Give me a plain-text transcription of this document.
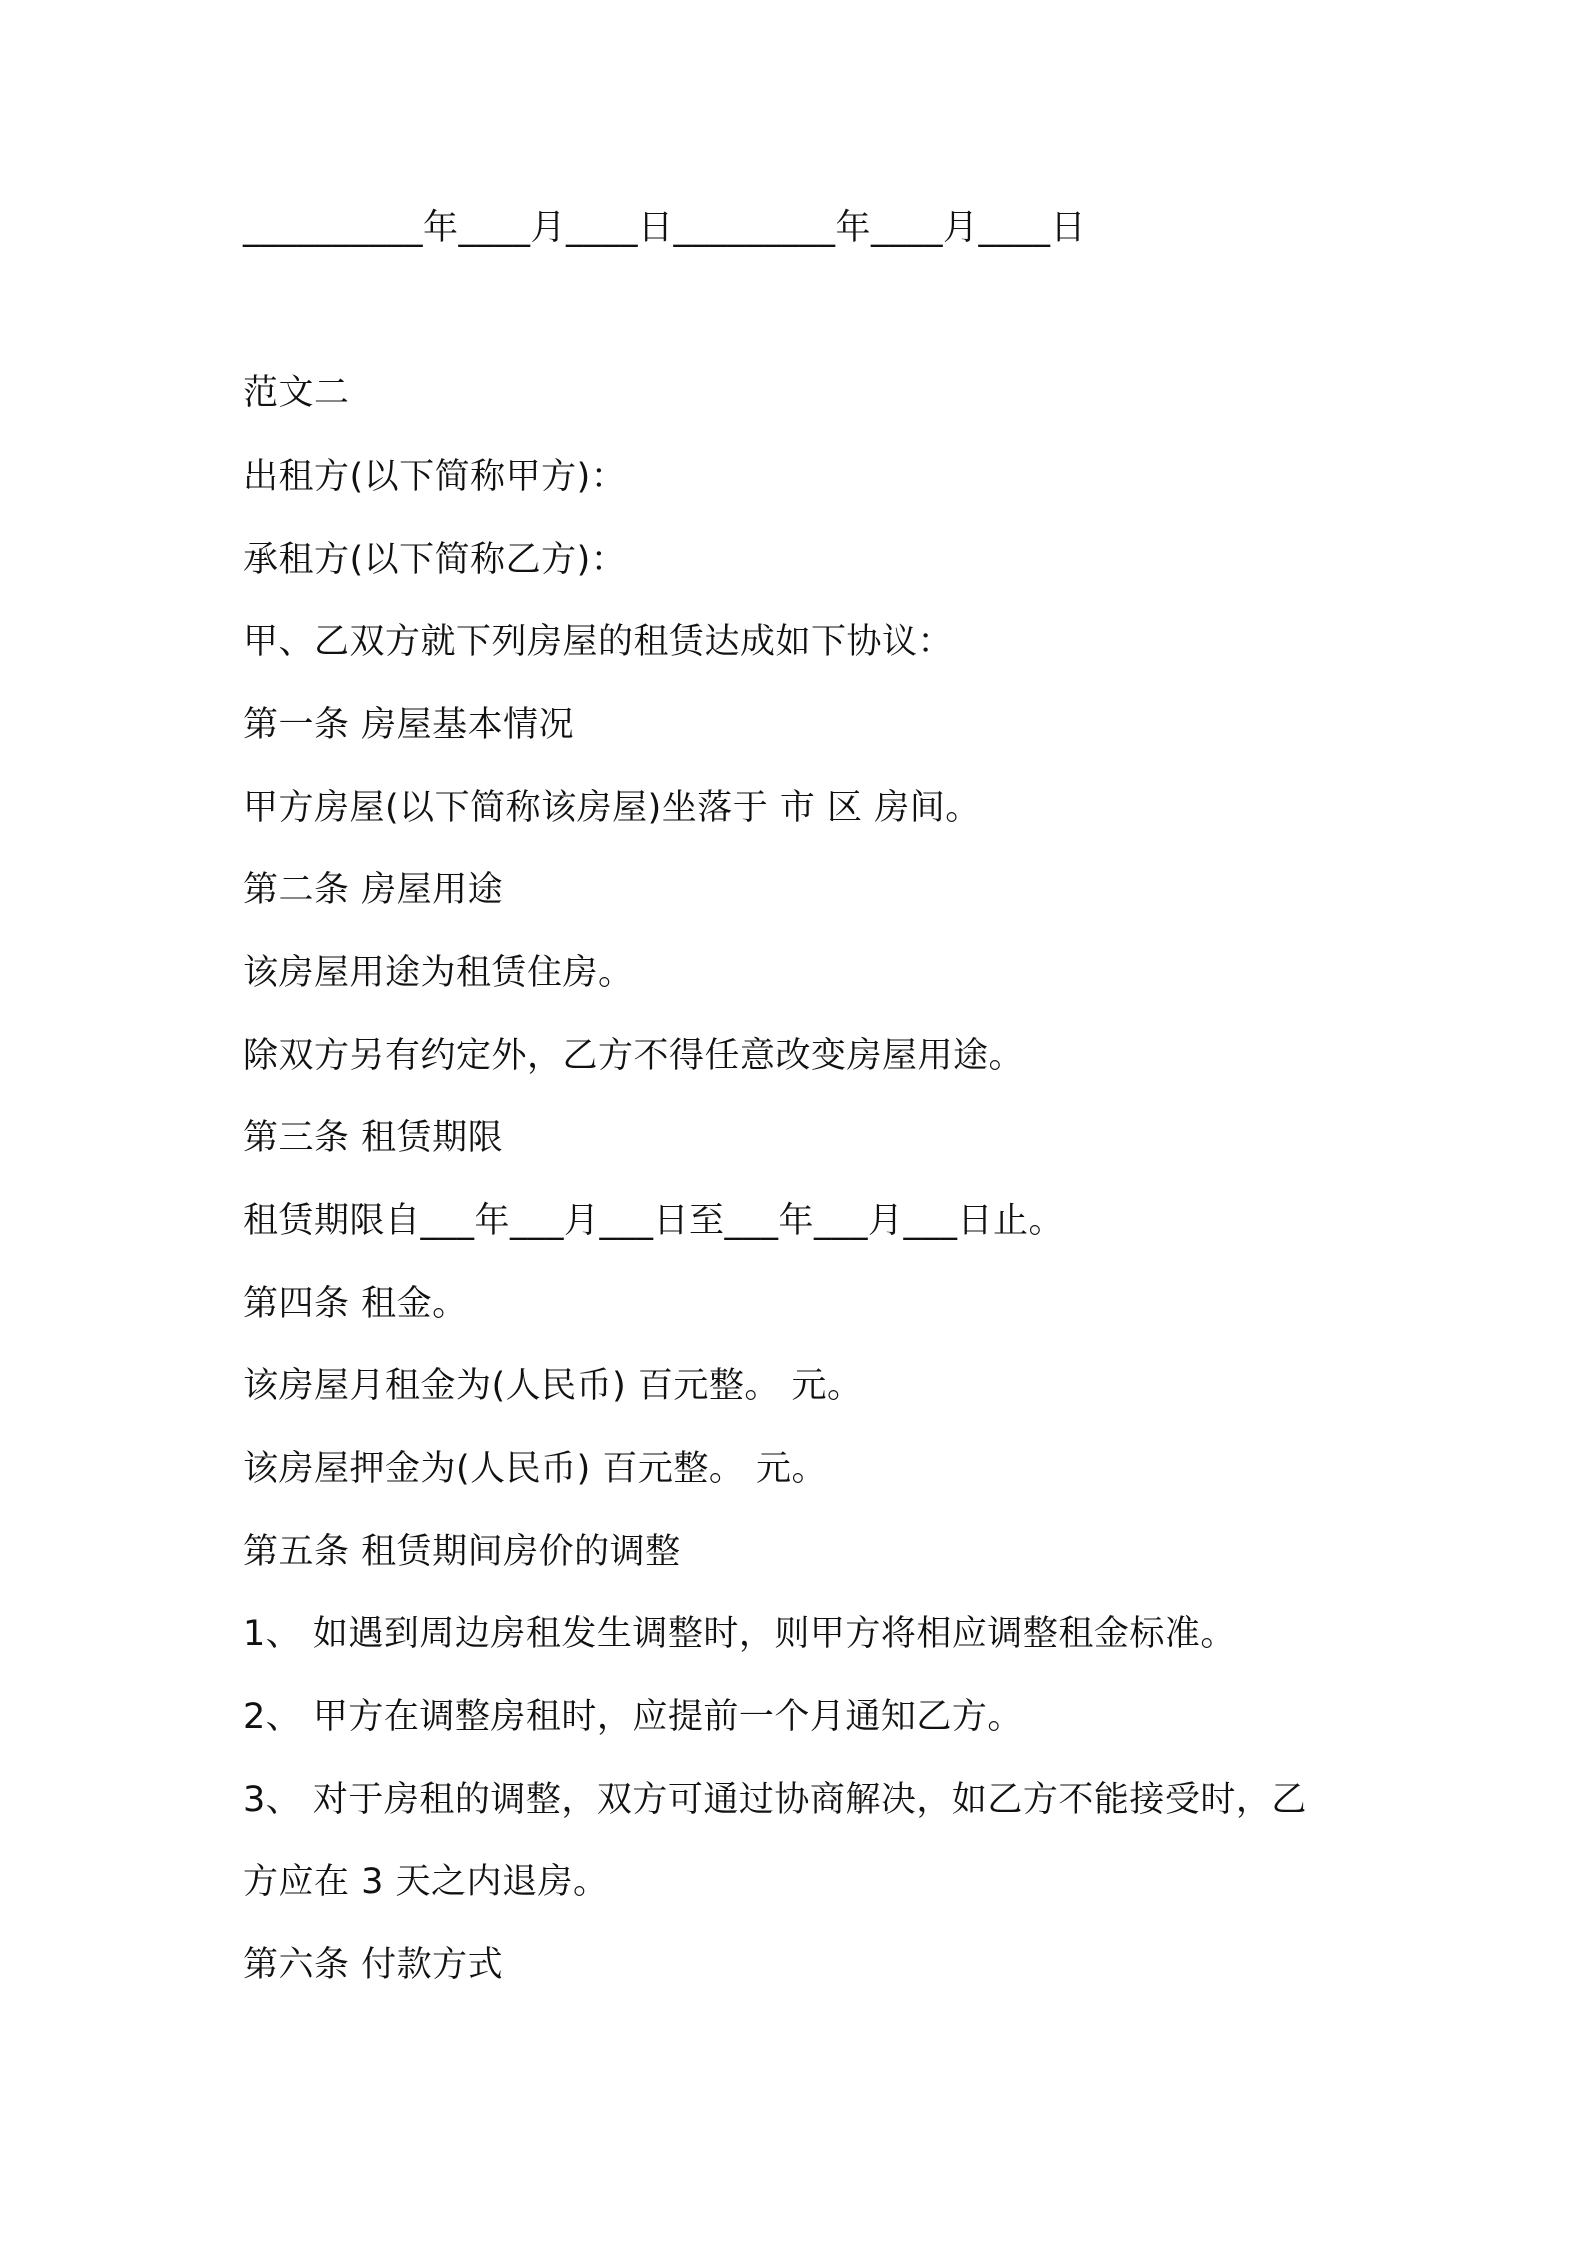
__________年____月____日_________年____月____日

范文二

出租方(以下简称甲方)：

承租方(以下简称乙方)：

甲、乙双方就下列房屋的租赁达成如下协议：

第一条 房屋基本情况

甲方房屋(以下简称该房屋)坐落于 市 区 房间。

第二条 房屋用途

该房屋用途为租赁住房。

除双方另有约定外，乙方不得任意改变房屋用途。

第三条 租赁期限

租赁期限自___年___月___日至___年___月___日止。

第四条 租金。

该房屋月租金为(人民币) 百元整。 元。

该房屋押金为(人民币) 百元整。 元。

第五条 租赁期间房价的调整

1、 如遇到周边房租发生调整时，则甲方将相应调整租金标准。

2、 甲方在调整房租时，应提前一个月通知乙方。

3、 对于房租的调整，双方可通过协商解决，如乙方不能接受时，乙

方应在 3 天之内退房。

第六条 付款方式
